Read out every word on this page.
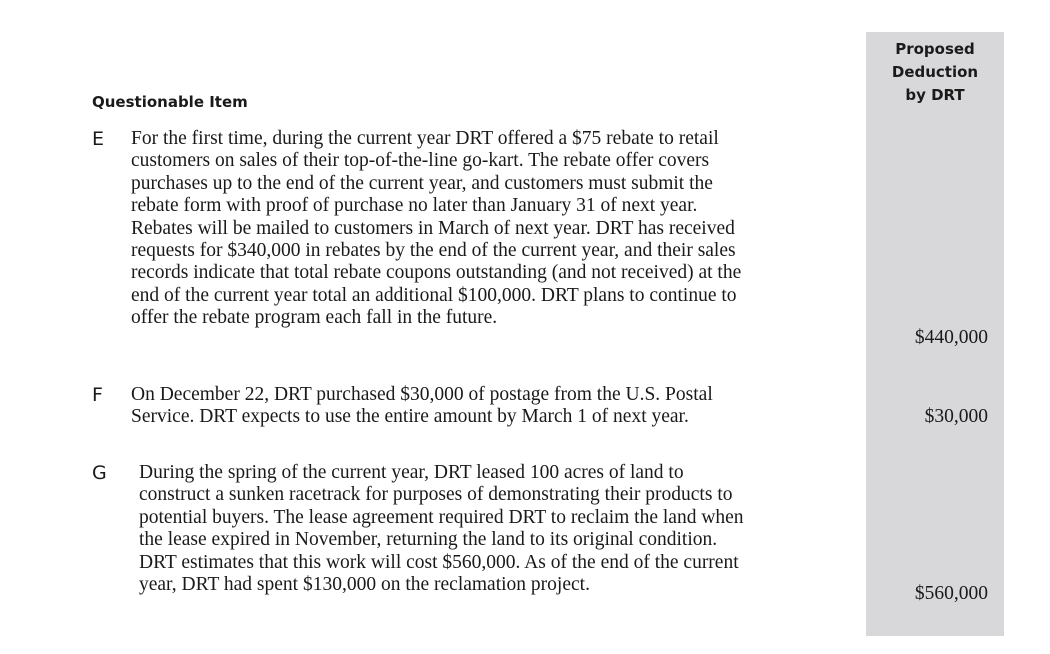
Proposed
Deduction
by DRT
Questionable Item
E For the first time, during the current year DRT offered a $75 rebate to retail
customers on sales of their top-of-the-line go-kart. The rebate offer covers
purchases up to the end of the current year, and customers must submit the
rebate form with proof of purchase no later than January 31 of next year.
Rebates will be mailed to customers in March of next year. DRT has received
requests for $340,000 in rebates by the end of the current year, and their sales
records indicate that total rebate coupons outstanding (and not received) at the
end of the current year total an additional $100,000. DRT plans to continue to
offer the rebate program each fall in the future.

$440,000
F On December 22, DRT purchased $30,000 of postage from the U.S. Postal
Service. DRT expects to use the entire amount by March 1 of next year.	$30,000
G During the spring of the current year, DRT leased 100 acres of land to
construct a sunken racetrack for purposes of demonstrating their products to
potential buyers. The lease agreement required DRT to reclaim the land when
the lease expired in November, returning the land to its original condition.
DRT estimates that this work will cost $560,000. As of the end of the current
year, DRT had spent $130,000 on the reclamation project.	$560,000
